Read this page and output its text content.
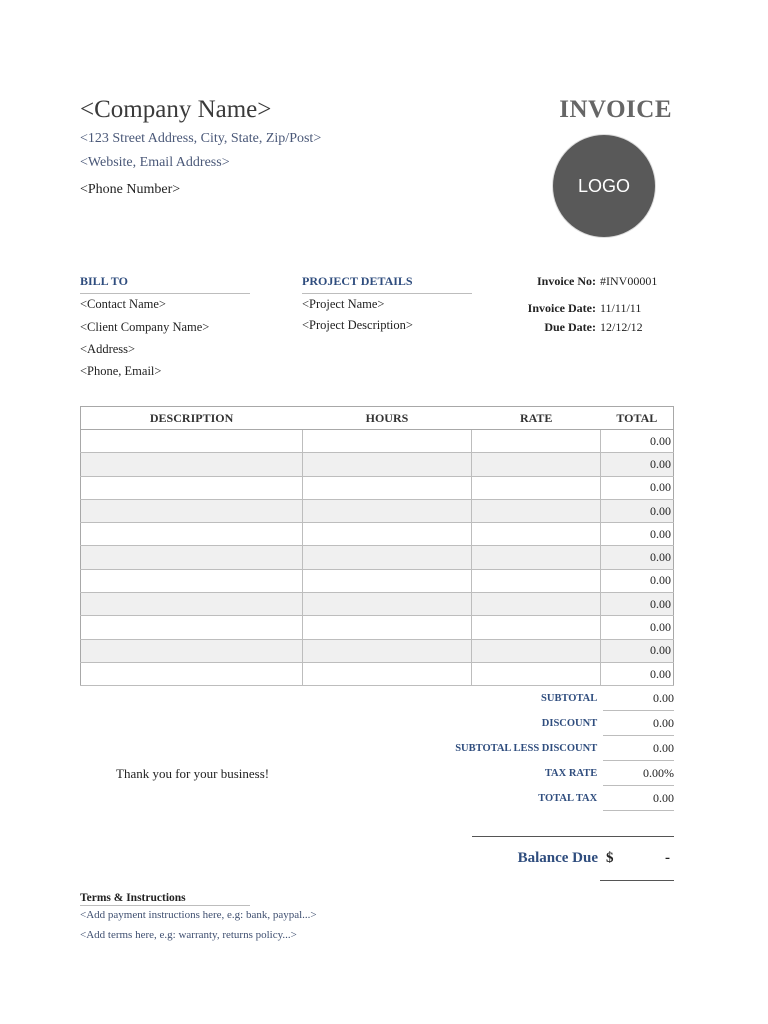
<Company Name>
<123 Street Address, City, State, Zip/Post>
<Website, Email Address>
<Phone Number>
INVOICE
LOGO
BILL TO
<Contact Name>
<Client Company Name>
<Address>
<Phone, Email>
PROJECT DETAILS
<Project Name>
<Project Description>
Invoice No: #INV00001
Invoice Date: 11/11/11
Due Date: 12/12/12
DESCRIPTION	HOURS	RATE	TOTAL
			0.00
			0.00
			0.00
			0.00
			0.00
			0.00
			0.00
			0.00
			0.00
			0.00
			0.00
SUBTOTAL	0.00
DISCOUNT	0.00
SUBTOTAL LESS DISCOUNT	0.00
TAX RATE	0.00%
TOTAL TAX	0.00
Thank you for your business!
Balance Due $	-
Terms & Instructions
<Add payment instructions here, e.g: bank, paypal...>
<Add terms here, e.g: warranty, returns policy...>
